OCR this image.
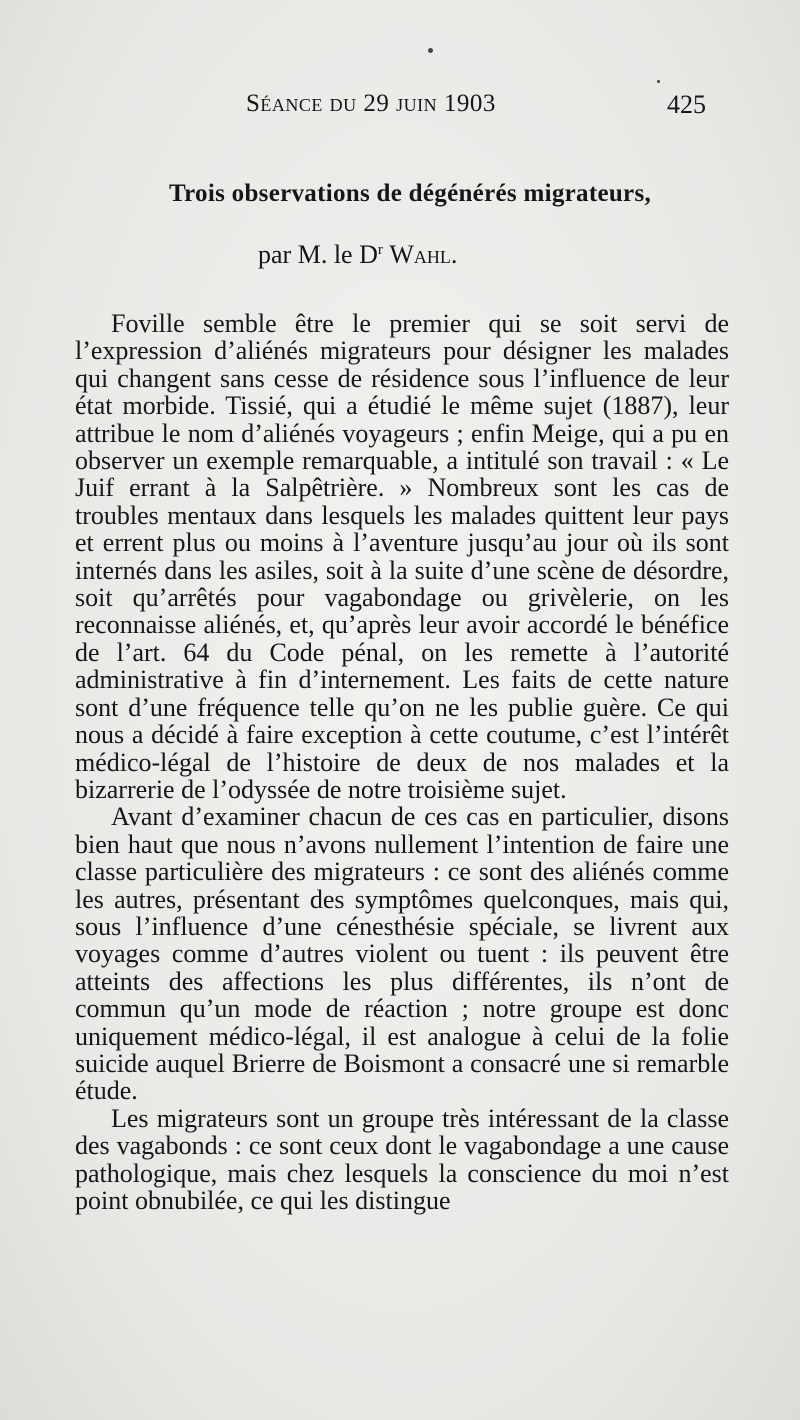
Séance du 29 juin 1903	425
Trois observations de dégénérés migrateurs,
par M. le $D^r$ Wahl.

Foville semble être le premier qui se soit servi de l’expression d’aliénés migrateurs pour désigner les malades qui changent sans cesse de résidence sous l’influence de leur état morbide. Tissié, qui a étudié le même sujet (1887), leur attribue le nom d’aliénés voyageurs ; enfin Meige, qui a pu en observer un exemple remarquable, a intitulé son travail : « Le Juif errant à la Salpêtrière. » Nombreux sont les cas de troubles mentaux dans lesquels les malades quittent leur pays et errent plus ou moins à l’aventure jusqu’au jour où ils sont internés dans les asiles, soit à la suite d’une scène de désordre, soit qu’arrêtés pour vagabondage ou grivèlerie, on les reconnaisse aliénés, et, qu’après leur avoir accordé le bénéfice de l’art. 64 du Code pénal, on les remette à l’autorité administrative à fin d’internement. Les faits de cette nature sont d’une fréquence telle qu’on ne les publie guère. Ce qui nous a décidé à faire exception à cette coutume, c’est l’intérêt médico-légal de l’histoire de deux de nos malades et la bizarrerie de l’odyssée de notre troisième sujet.

Avant d’examiner chacun de ces cas en particulier, disons bien haut que nous n’avons nullement l’intention de faire une classe particulière des migrateurs : ce sont des aliénés comme les autres, présentant des symptômes quelconques, mais qui, sous l’influence d’une cénesthésie spéciale, se livrent aux voyages comme d’autres violent ou tuent : ils peuvent être atteints des affections les plus différentes, ils n’ont de commun qu’un mode de réaction ; notre groupe est donc uniquement médico-légal, il est analogue à celui de la folie suicide auquel Brierre de Boismont a consacré une si remarble étude.

Les migrateurs sont un groupe très intéressant de la classe des vagabonds : ce sont ceux dont le vagabondage a une cause pathologique, mais chez lesquels la conscience du moi n’est point obnubilée, ce qui les distingue
